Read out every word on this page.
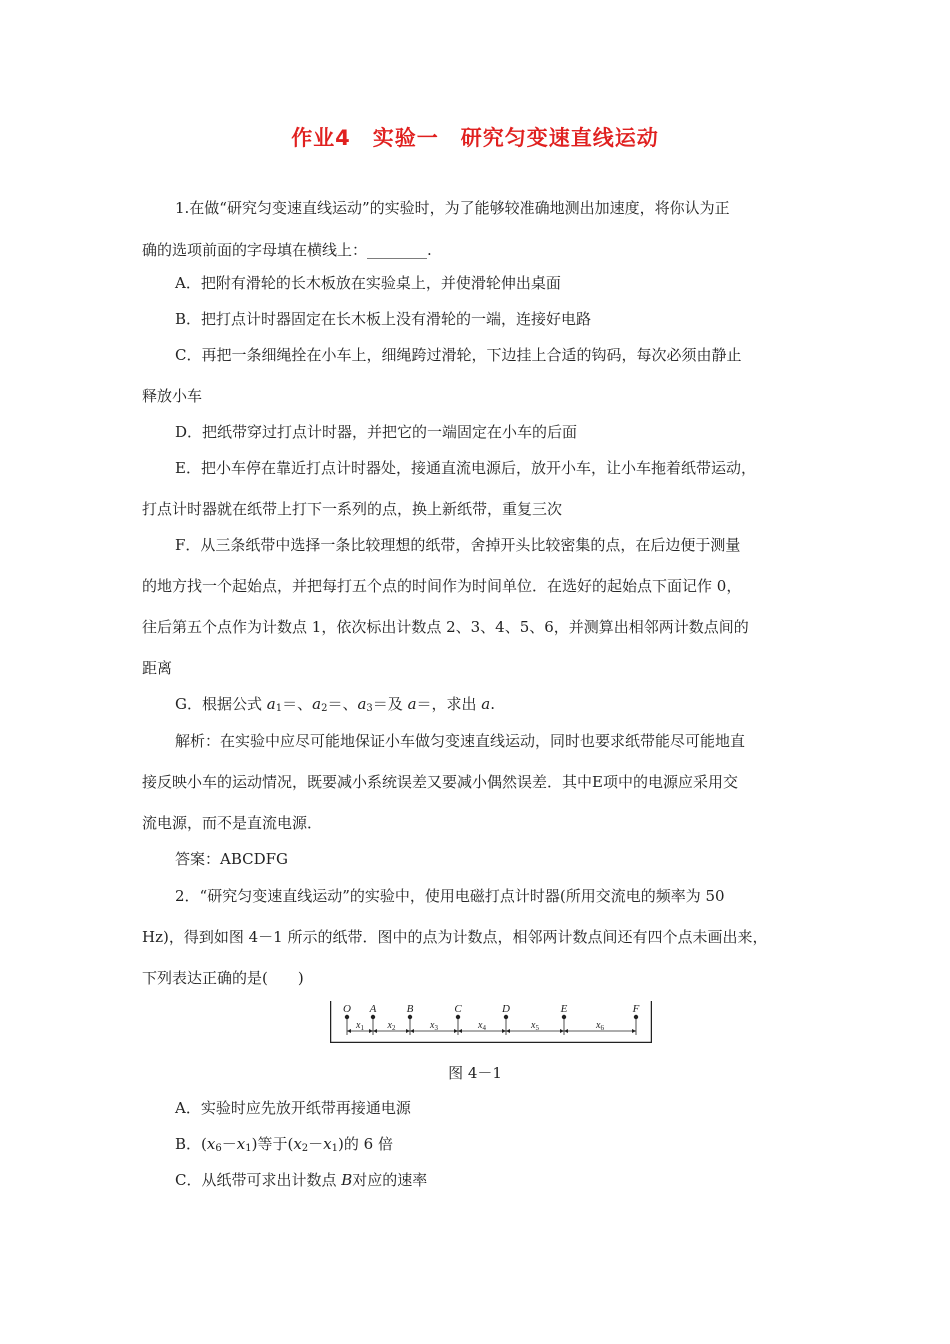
作业4　实验一　研究匀变速直线运动
1.在做“研究匀变速直线运动”的实验时，为了能够较准确地测出加速度，将你认为正
确的选项前面的字母填在横线上：________.
A．把附有滑轮的长木板放在实验桌上，并使滑轮伸出桌面
B．把打点计时器固定在长木板上没有滑轮的一端，连接好电路
C．再把一条细绳拴在小车上，细绳跨过滑轮，下边挂上合适的钩码，每次必须由静止
释放小车
D．把纸带穿过打点计时器，并把它的一端固定在小车的后面
E．把小车停在靠近打点计时器处，接通直流电源后，放开小车，让小车拖着纸带运动，
打点计时器就在纸带上打下一系列的点，换上新纸带，重复三次
F．从三条纸带中选择一条比较理想的纸带，舍掉开头比较密集的点，在后边便于测量
的地方找一个起始点，并把每打五个点的时间作为时间单位．在选好的起始点下面记作 0，
往后第五个点作为计数点 1，依次标出计数点 2、3、4、5、6，并测算出相邻两计数点间的
距离
G．根据公式 $a_1=$、$a_2=$、$a_3=$及 a＝，求出 a.
解析：在实验中应尽可能地保证小车做匀变速直线运动，同时也要求纸带能尽可能地直
接反映小车的运动情况，既要减小系统误差又要减小偶然误差．其中E项中的电源应采用交
流电源，而不是直流电源．
答案：ABCDFG
2．“研究匀变速直线运动”的实验中，使用电磁打点计时器(所用交流电的频率为 50
Hz)，得到如图 4－1 所示的纸带．图中的点为计数点，相邻两计数点间还有四个点未画出来，
下列表达正确的是(　　)
O A	B	C	D	E	F
$x_1$ $x_2$	$x_3$	$x_4$	$x_5$	$x_6$
图 4－1
A．实验时应先放开纸带再接通电源
B．$(x_6-x_1)$等于$(x_2-x_1)$的 6 倍
C．从纸带可求出计数点 B对应的速率
